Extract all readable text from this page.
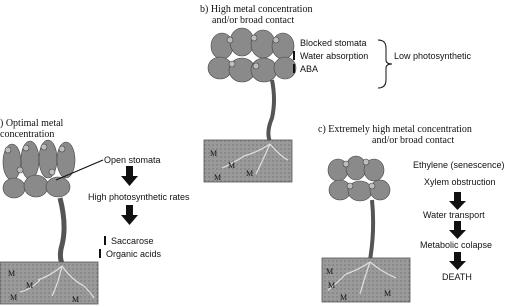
M
M
M	M
M
M
M	M
M
M
M	M
) Optimal metal
concentration
Open stomata
High photosynthetic rates
Saccarose
Organic acids
b) High metal concentration
and/or broad contact
Blocked stomata
Water absorption
ABA
Low photosynthetic
c) Extremely high metal concentration
and/or broad contact
Ethylene (senescence)
Xylem obstruction
Water transport
Metabolic colapse
DEATH
